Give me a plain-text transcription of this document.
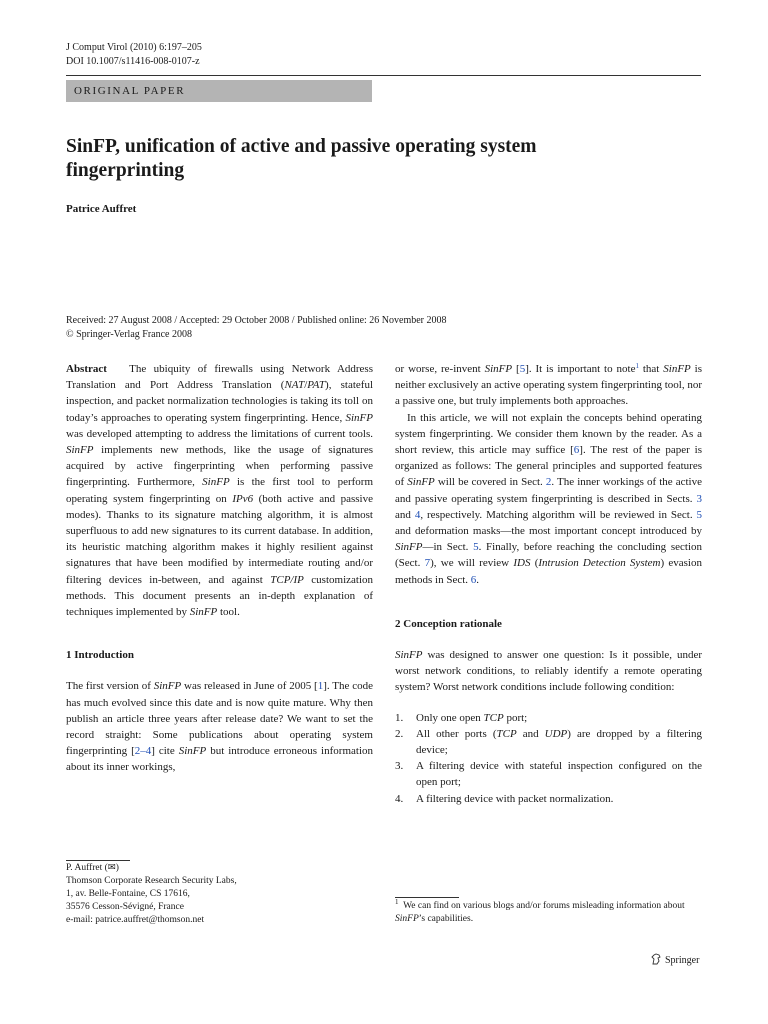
J Comput Virol (2010) 6:197–205
DOI 10.1007/s11416-008-0107-z
ORIGINAL PAPER
SinFP, unification of active and passive operating system
fingerprinting
Patrice Auffret
Received: 27 August 2008 / Accepted: 29 October 2008 / Published online: 26 November 2008
© Springer-Verlag France 2008

Abstract The ubiquity of firewalls using Network Address Translation and Port Address Translation (NAT/PAT), stateful inspection, and packet normalization technologies is taking its toll on today’s approaches to operating system fingerprinting. Hence, SinFP was developed attempting to address the limitations of current tools. SinFP implements new methods, like the usage of signatures acquired by active fingerprinting when performing passive fingerprinting. Furthermore, SinFP is the first tool to perform operating system fingerprinting on IPv6 (both active and passive modes). Thanks to its signature matching algorithm, it is almost superfluous to add new signatures to its current database. In addition, its heuristic matching algorithm makes it highly resilient against signatures that have been modified by intermediate routing and/or filtering devices in-between, and against TCP/IP customization methods. This document presents an in-depth explanation of techniques implemented by SinFP tool.

1 Introduction

The first version of SinFP was released in June of 2005 [1]. The code has much evolved since this date and is now quite mature. Why then publish an article three years after release date? We want to set the record straight: Some publications about operating system fingerprinting [2–4] cite SinFP but introduce erroneous information about its inner workings,

or worse, re-invent SinFP [5]. It is important to note$^1$ that SinFP is neither exclusively an active operating system fingerprinting tool, nor a passive one, but truly implements both approaches.

In this article, we will not explain the concepts behind operating system fingerprinting. We consider them known by the reader. As a short review, this article may suffice [6]. The rest of the paper is organized as follows: The general principles and supported features of SinFP will be covered in Sect. 2. The inner workings of the active and passive operating system fingerprinting is described in Sects. 3 and 4, respectively. Matching algorithm will be reviewed in Sect. 5 and deformation masks—the most important concept introduced by SinFP—in Sect. 5. Finally, before reaching the concluding section (Sect. 7), we will review IDS (Intrusion Detection System) evasion methods in Sect. 6.

2 Conception rationale

SinFP was designed to answer one question: Is it possible, under worst network conditions, to reliably identify a remote operating system? Worst network conditions include following condition:

1. Only one open TCP port;
2. All other ports (TCP and UDP) are dropped by a filtering device;
3. A filtering device with stateful inspection configured on the open port;
4. A filtering device with packet normalization.
P. Auffret (✉)
Thomson Corporate Research Security Labs,
1, av. Belle-Fontaine, CS 17616,
35576 Cesson-Sévigné, France
e-mail: patrice.auffret@thomson.net
$^1$ We can find on various blogs and/or forums misleading information about SinFP’s capabilities.
Springer
